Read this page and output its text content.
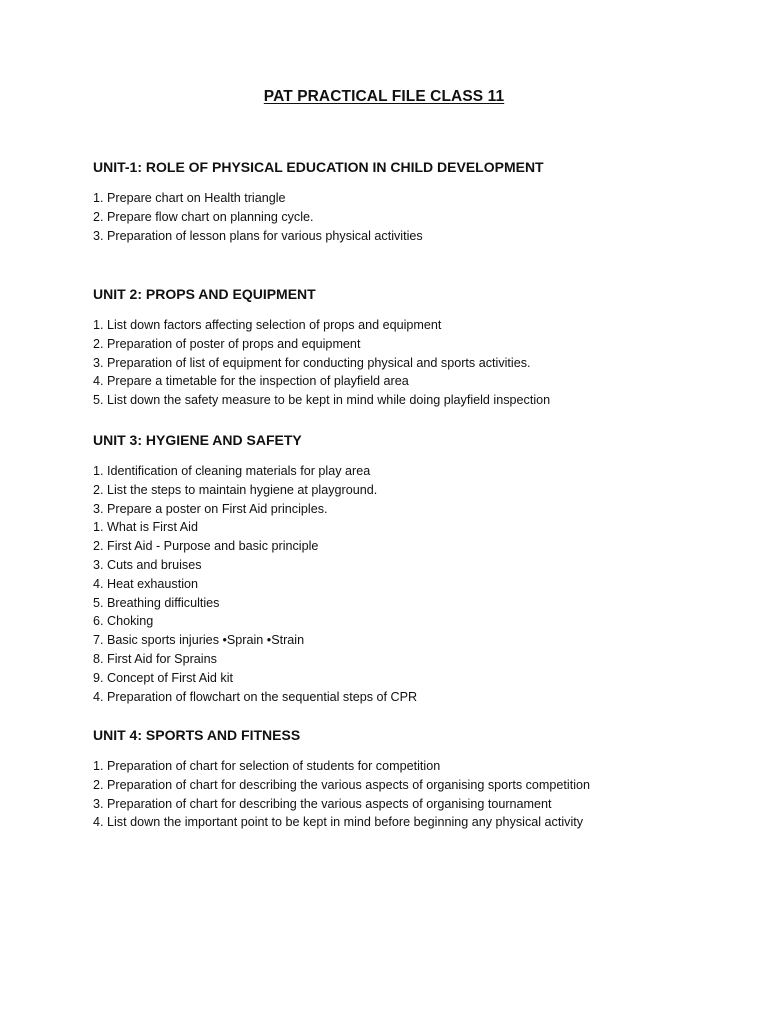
PAT PRACTICAL FILE CLASS 11
UNIT-1: ROLE OF PHYSICAL EDUCATION IN CHILD DEVELOPMENT
1. Prepare chart on Health triangle
2. Prepare flow chart on planning cycle.
3. Preparation of lesson plans for various physical activities
UNIT 2: PROPS AND EQUIPMENT
1. List down factors affecting selection of props and equipment
2. Preparation of poster of props and equipment
3. Preparation of list of equipment for conducting physical and sports activities.
4. Prepare a timetable for the inspection of playfield area
5. List down the safety measure to be kept in mind while doing playfield inspection
UNIT 3: HYGIENE AND SAFETY
1. Identification of cleaning materials for play area
2. List the steps to maintain hygiene at playground.
3. Prepare a poster on First Aid principles.
1. What is First Aid
2. First Aid - Purpose and basic principle
3. Cuts and bruises
4. Heat exhaustion
5. Breathing difficulties
6. Choking
7. Basic sports injuries •Sprain •Strain
8. First Aid for Sprains
9. Concept of First Aid kit
4. Preparation of flowchart on the sequential steps of CPR
UNIT 4: SPORTS AND FITNESS
1. Preparation of chart for selection of students for competition
2. Preparation of chart for describing the various aspects of organising sports competition
3. Preparation of chart for describing the various aspects of organising tournament
4. List down the important point to be kept in mind before beginning any physical activity
